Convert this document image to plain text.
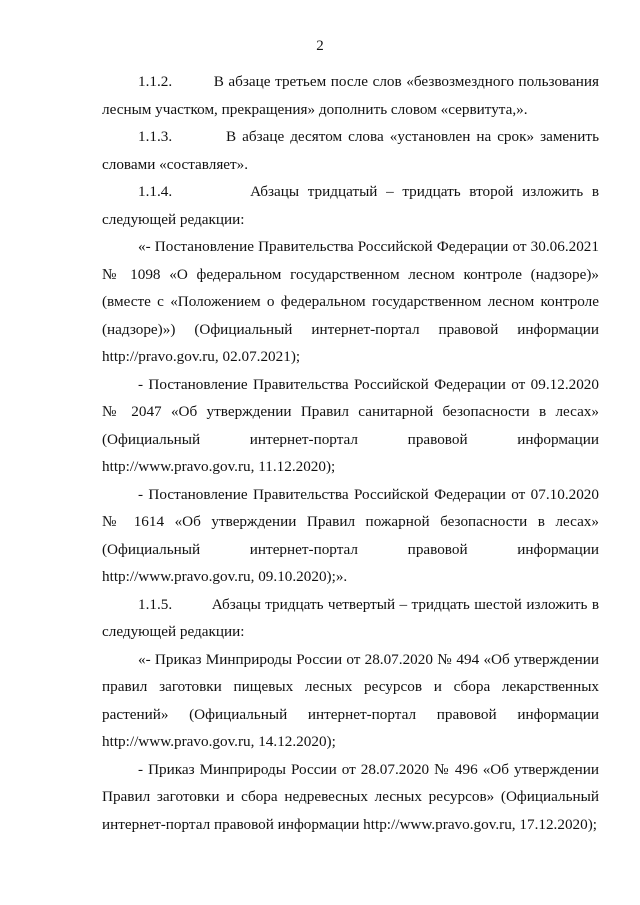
2

1.1.2.	В абзаце третьем после слов «безвозмездного пользования лесным участком, прекращения» дополнить словом «сервитута,».

1.1.3.	В абзаце десятом слова «установлен на срок» заменить словами «составляет».

1.1.4.	Абзацы тридцатый – тридцать второй изложить в следующей редакции:

«- Постановление Правительства Российской Федерации от 30.06.2021 № 1098 «О федеральном государственном лесном контроле (надзоре)» (вместе с «Положением о федеральном государственном лесном контроле (надзоре)») (Официальный интернет-портал правовой информации http://pravo.gov.ru, 02.07.2021);

- Постановление Правительства Российской Федерации от 09.12.2020 № 2047 «Об утверждении Правил санитарной безопасности в лесах» (Официальный интернет-портал правовой информации http://www.pravo.gov.ru, 11.12.2020);

- Постановление Правительства Российской Федерации от 07.10.2020 № 1614 «Об утверждении Правил пожарной безопасности в лесах» (Официальный интернет-портал правовой информации http://www.pravo.gov.ru, 09.10.2020);».

1.1.5.	Абзацы тридцать четвертый – тридцать шестой изложить в следующей редакции:

«- Приказ Минприроды России от 28.07.2020 № 494 «Об утверждении правил заготовки пищевых лесных ресурсов и сбора лекарственных растений» (Официальный интернет-портал правовой информации http://www.pravo.gov.ru, 14.12.2020);

- Приказ Минприроды России от 28.07.2020 № 496 «Об утверждении Правил заготовки и сбора недревесных лесных ресурсов» (Официальный интернет-портал правовой информации http://www.pravo.gov.ru, 17.12.2020);
